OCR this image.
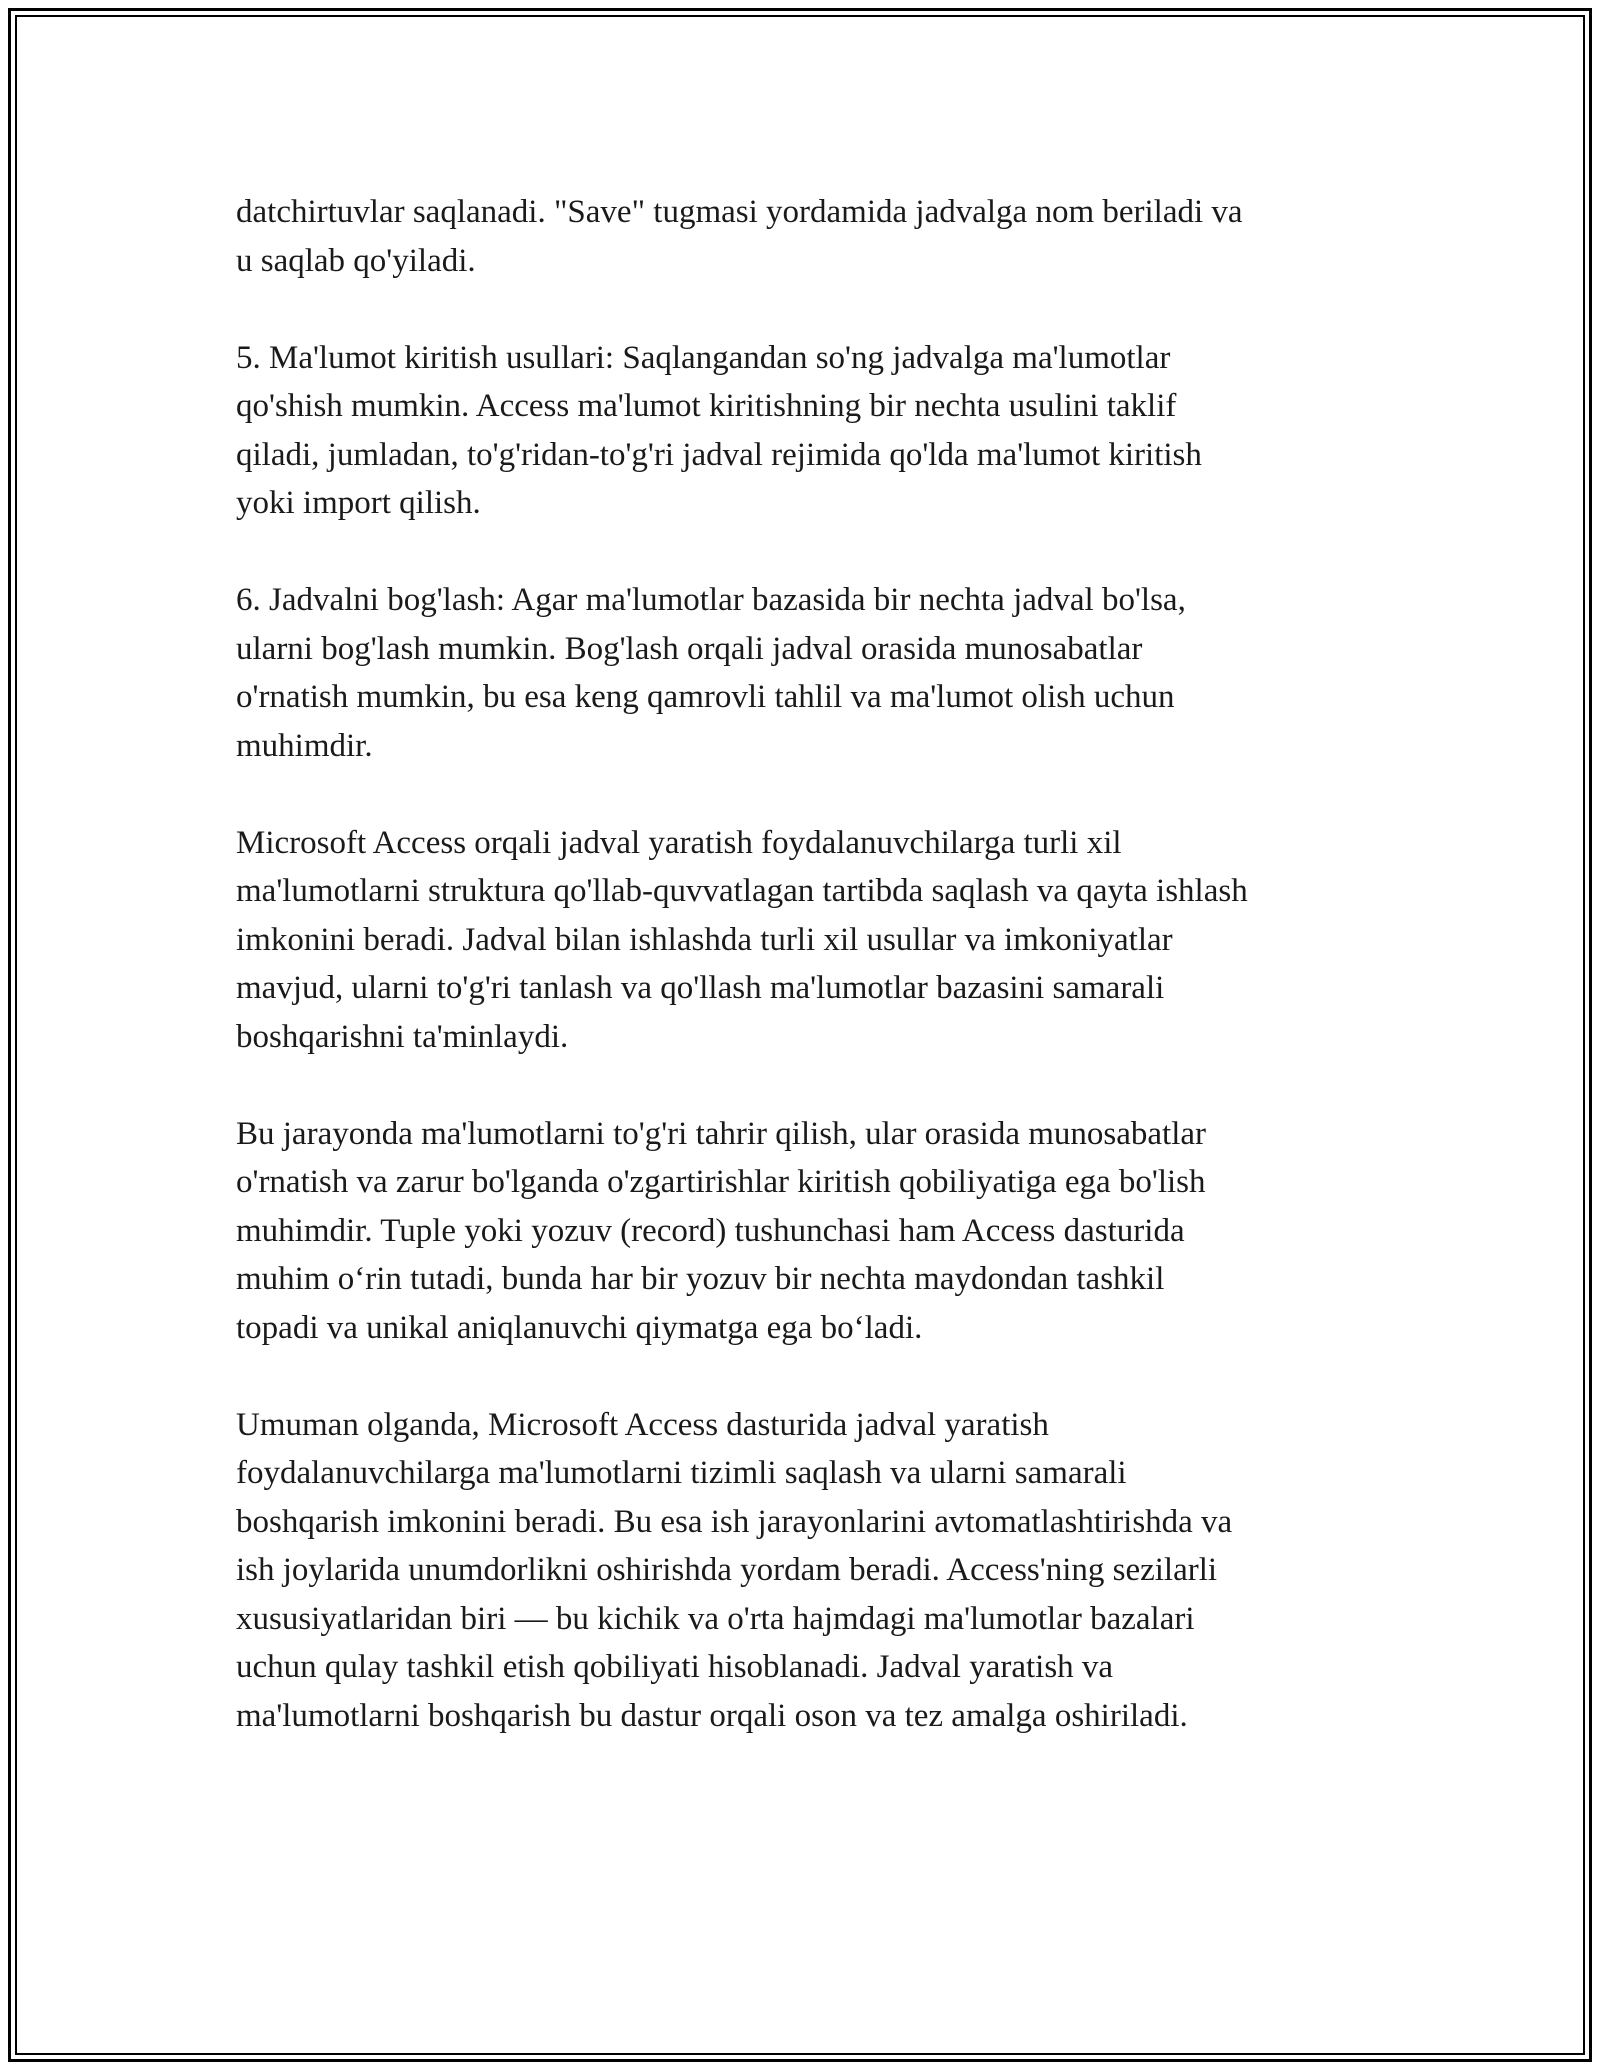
datchirtuvlar saqlanadi. "Save" tugmasi yordamida jadvalga nom beriladi va
u saqlab qo'yiladi.

5. Ma'lumot kiritish usullari: Saqlangandan so'ng jadvalga ma'lumotlar
qo'shish mumkin. Access ma'lumot kiritishning bir nechta usulini taklif
qiladi, jumladan, to'g'ridan-to'g'ri jadval rejimida qo'lda ma'lumot kiritish
yoki import qilish.

6. Jadvalni bog'lash: Agar ma'lumotlar bazasida bir nechta jadval bo'lsa,
ularni bog'lash mumkin. Bog'lash orqali jadval orasida munosabatlar
o'rnatish mumkin, bu esa keng qamrovli tahlil va ma'lumot olish uchun
muhimdir.

Microsoft Access orqali jadval yaratish foydalanuvchilarga turli xil
ma'lumotlarni struktura qo'llab-quvvatlagan tartibda saqlash va qayta ishlash
imkonini beradi. Jadval bilan ishlashda turli xil usullar va imkoniyatlar
mavjud, ularni to'g'ri tanlash va qo'llash ma'lumotlar bazasini samarali
boshqarishni ta'minlaydi.

Bu jarayonda ma'lumotlarni to'g'ri tahrir qilish, ular orasida munosabatlar
o'rnatish va zarur bo'lganda o'zgartirishlar kiritish qobiliyatiga ega bo'lish
muhimdir. Tuple yoki yozuv (record) tushunchasi ham Access dasturida
muhim o‘rin tutadi, bunda har bir yozuv bir nechta maydondan tashkil
topadi va unikal aniqlanuvchi qiymatga ega bo‘ladi.

Umuman olganda, Microsoft Access dasturida jadval yaratish
foydalanuvchilarga ma'lumotlarni tizimli saqlash va ularni samarali
boshqarish imkonini beradi. Bu esa ish jarayonlarini avtomatlashtirishda va
ish joylarida unumdorlikni oshirishda yordam beradi. Access'ning sezilarli
xususiyatlaridan biri — bu kichik va o'rta hajmdagi ma'lumotlar bazalari
uchun qulay tashkil etish qobiliyati hisoblanadi. Jadval yaratish va
ma'lumotlarni boshqarish bu dastur orqali oson va tez amalga oshiriladi.
